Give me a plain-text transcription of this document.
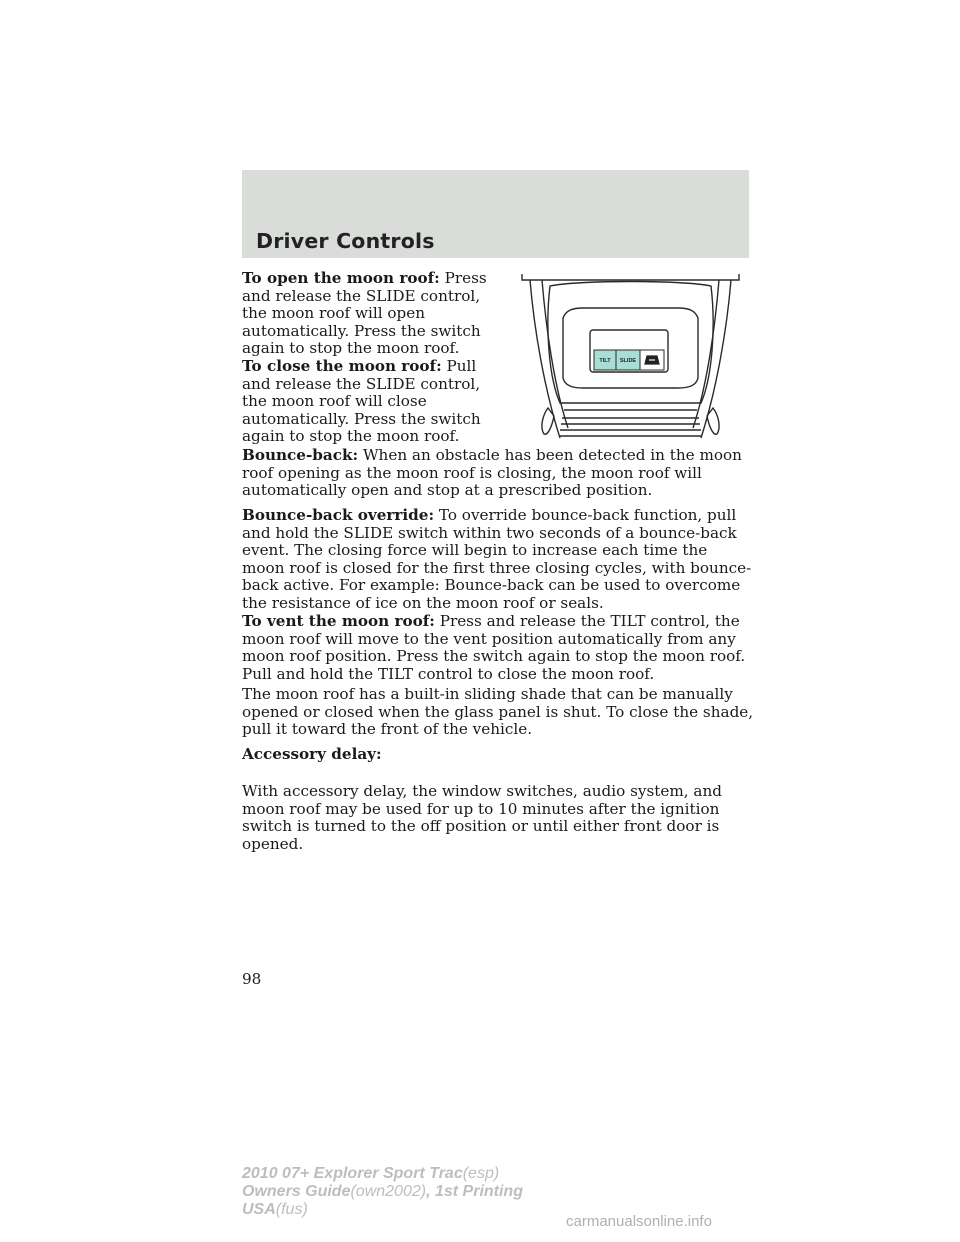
Driver Controls

To open the moon roof: Press and release the SLIDE control, the moon roof will open automatically. Press the switch again to stop the moon roof.

To close the moon roof: Pull and release the SLIDE control, the moon roof will close automatically. Press the switch again to stop the moon roof.

Bounce-back: When an obstacle has been detected in the moon roof opening as the moon roof is closing, the moon roof will automatically open and stop at a prescribed position.

Bounce-back override: To override bounce-back function, pull and hold the SLIDE switch within two seconds of a bounce-back event. The closing force will begin to increase each time the moon roof is closed for the first three closing cycles, with bounce-back active. For example: Bounce-back can be used to overcome the resistance of ice on the moon roof or seals.

To vent the moon roof: Press and release the TILT control, the moon roof will move to the vent position automatically from any moon roof position. Press the switch again to stop the moon roof. Pull and hold the TILT control to close the moon roof.

The moon roof has a built-in sliding shade that can be manually opened or closed when the glass panel is shut. To close the shade, pull it toward the front of the vehicle.

Accessory delay:

With accessory delay, the window switches, audio system, and moon roof may be used for up to 10 minutes after the ignition switch is turned to the off position or until either front door is opened.

TILT SLIDE
98
2010 07+ Explorer Sport Trac(esp)
Owners Guide(own2002), 1st Printing
USA(fus)
carmanualsonline.info
